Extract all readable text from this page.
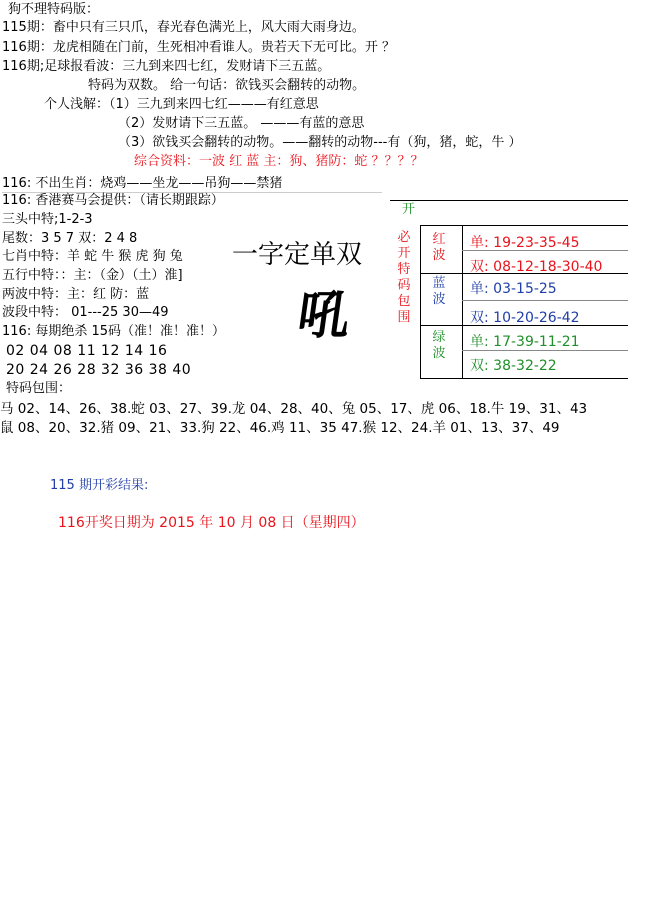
狗不理特码版：
115期：畜中只有三只爪，春光春色满光上，风大雨大雨身边。
116期：龙虎相随在门前，生死相冲看谁人。贵若天下无可比。开 ？
116期;足球报看波：三九到来四七红，发财请下三五蓝。
特码为双数。 给一句话：欲钱买会翻转的动物。
个人浅解：（1）三九到来四七红———有红意思
（2）发财请下三五蓝。 ———有蓝的意思
（3）欲钱买会翻转的动物。——翻转的动物---有（狗，猪，蛇，牛 ）
综合资料：一波 红 蓝 主：狗、猪防：蛇 ？？？？
116: 不出生肖：烧鸡——坐龙——吊狗——禁猪
116: 香港赛马会提供：（请长期跟踪）
三头中特;1-2-3
尾数：3 5 7 双：2 4 8
七肖中特：羊 蛇 牛 猴 虎 狗 兔
五行中特：：主：（金）（土）淮]
两波中特：主：红 防：蓝
波段中特： 01---25 30—49
116: 每期绝杀 15码（准！准！准！）
02 04 08 11 12 14 16
20 24 26 28 32 36 38 40
特码包围：
马 02、14、26、38.蛇 03、27、39.龙 04、28、40、兔 05、17、虎 06、18.牛 19、31、43
鼠 08、20、32.猪 09、21、33.狗 22、46.鸡 11、35 47.猴 12、24.羊 01、13、37、49
一字定单双
吼
开
必开特码包围
红波
蓝波
绿波
单: 19-23-35-45
双: 08-12-18-30-40
单: 03-15-25
双: 10-20-26-42
单: 17-39-11-21
双: 38-32-22
115 期开彩结果:
116开奖日期为 2015 年 10 月 08 日（星期四）
